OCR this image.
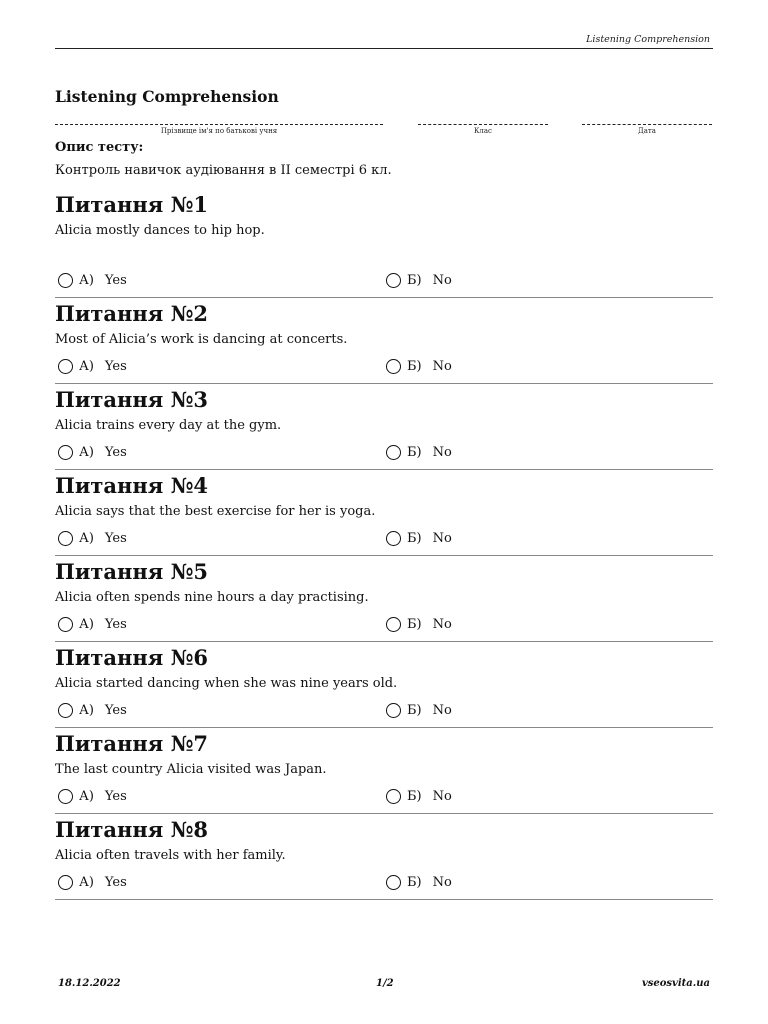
Listening Comprehension
Listening Comprehension
Прізвище ім'я по батькові учня	Клас	Дата
Опис тесту:
Контроль навичок аудіювання в II семестрі 6 кл.
Питання №1
Alicia mostly dances to hip hop.
А) Yes	Б) No
Питання №2
Most of Alicia’s work is dancing at concerts.
А) Yes	Б) No
Питання №3
Alicia trains every day at the gym.
А) Yes	Б) No
Питання №4
Alicia says that the best exercise for her is yoga.
А) Yes	Б) No
Питання №5
Alicia often spends nine hours a day practising.
А) Yes	Б) No
Питання №6
Alicia started dancing when she was nine years old.
А) Yes	Б) No
Питання №7
The last country Alicia visited was Japan.
А) Yes	Б) No
Питання №8
Alicia often travels with her family.
А) Yes	Б) No
18.12.2022	1/2	vseosvita.ua
